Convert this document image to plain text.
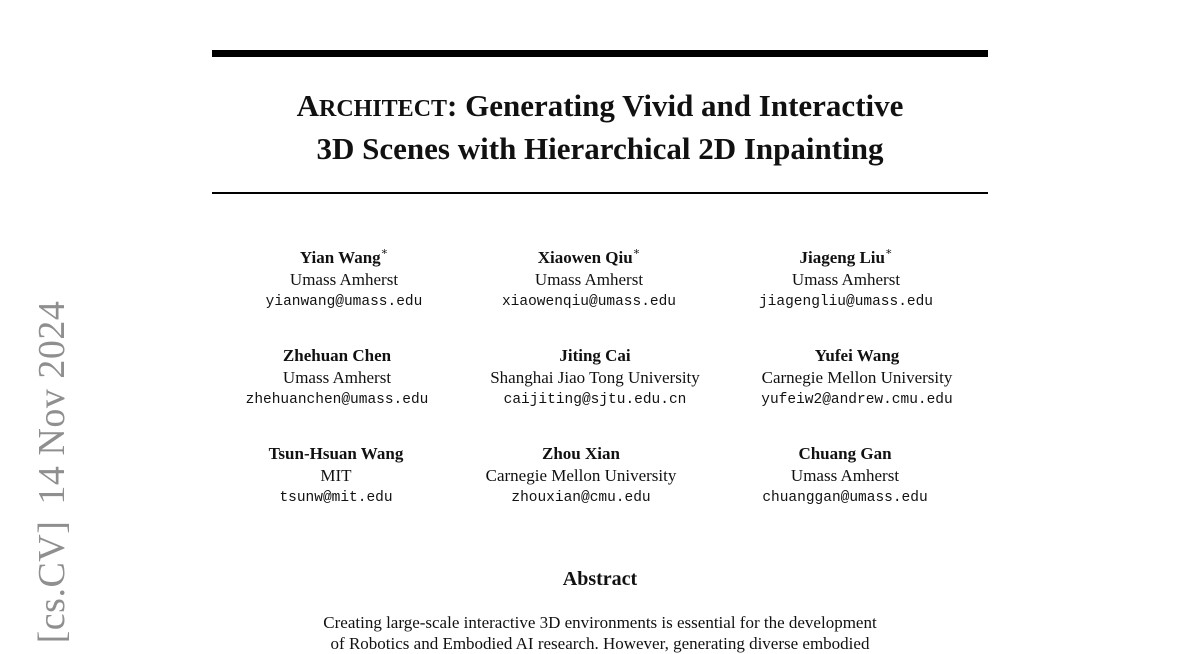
ARCHITECT: Generating Vivid and Interactive
3D Scenes with Hierarchical 2D Inpainting
[cs.CV]14 Nov 2024
Yian Wang∗
Umass Amherst
yianwang@umass.edu
Xiaowen Qiu∗
Umass Amherst
xiaowenqiu@umass.edu
Jiageng Liu∗
Umass Amherst
jiagengliu@umass.edu
Zhehuan Chen
Umass Amherst
zhehuanchen@umass.edu
Jiting Cai
Shanghai Jiao Tong University
caijiting@sjtu.edu.cn
Yufei Wang
Carnegie Mellon University
yufeiw2@andrew.cmu.edu
Tsun-Hsuan Wang
MIT
tsunw@mit.edu
Zhou Xian
Carnegie Mellon University
zhouxian@cmu.edu
Chuang Gan
Umass Amherst
chuanggan@umass.edu
Abstract
Creating large-scale interactive 3D environments is essential for the development
of Robotics and Embodied AI research. However, generating diverse embodied
